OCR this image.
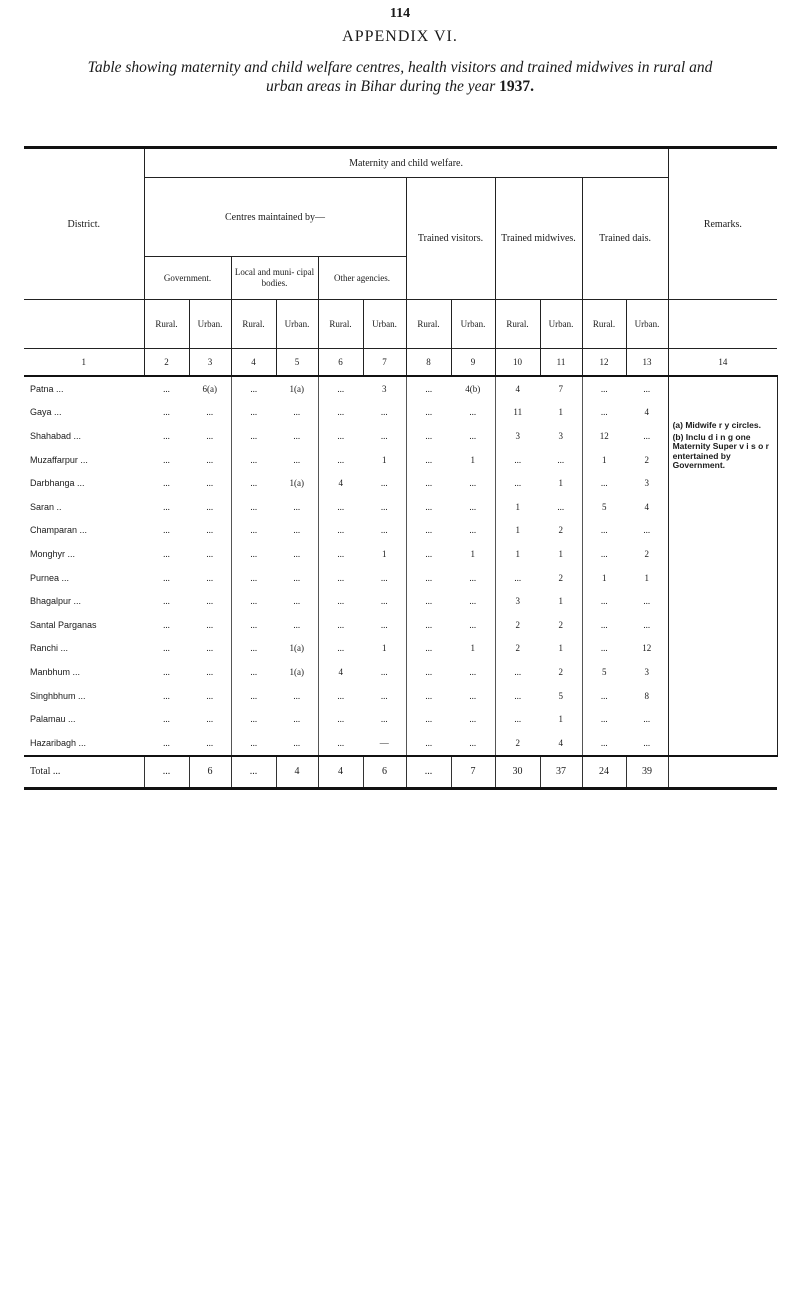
114
APPENDIX VI.
Table showing maternity and child welfare centres, health visitors and trained midwives in rural and
urban areas in Bihar during the year 1937.
District.	Maternity and child welfare.												Remarks.
	Centres maintained by—						Trained visitors.		Trained midwives.		Trained dais.		
	Government.		Local and muni- cipal bodies.		Other agencies.								
	Rural.	Urban.	Rural.	Urban.	Rural.	Urban.	Rural.	Urban.	Rural.	Urban.	Rural.	Urban.	
1	2	3	4	5	6	7	8	9	10	11	12	13	14
Patna ...	...	6(a)	...	1(a)	...	3	...	4(b)	4	7	...	...	(a) Midwife r y circles.
(b) Inclu d i n g one Maternity Super v i s o r entertained by Government.

Gaya ...	...	...	...	...	...	...	...	...	11	1	...	4	
Shahabad ...	...	...	...	...	...	...	...	...	3	3	12	...	
Muzaffarpur ...	...	...	...	...	...	1	...	1	...	...	1	2	
Darbhanga ...	...	...	...	1(a)	4	...	...	...	...	1	...	3	
Saran ..	...	...	...	...	...	...	...	...	1	...	5	4	
Champaran ...	...	...	...	...	...	...	...	...	1	2	...	...	
Monghyr ...	...	...	...	...	...	1	...	1	1	1	...	2	
Purnea ...	...	...	...	...	...	...	...	...	...	2	1	1	
Bhagalpur ...	...	...	...	...	...	...	...	...	3	1	...	...	
Santal Parganas	...	...	...	...	...	...	...	...	2	2	...	...	
Ranchi ...	...	...	...	1(a)	...	1	...	1	2	1	...	12	
Manbhum ...	...	...	...	1(a)	4	...	...	...	...	2	5	3	
Singhbhum ...	...	...	...	...	...	...	...	...	...	5	...	8	
Palamau ...	...	...	...	...	...	...	...	...	...	1	...	...	
Hazaribagh ...	...	...	...	...	...	—	...	...	2	4	...	...	
Total ...	...	6	...	4	4	6	...	7	30	37	24	39	
